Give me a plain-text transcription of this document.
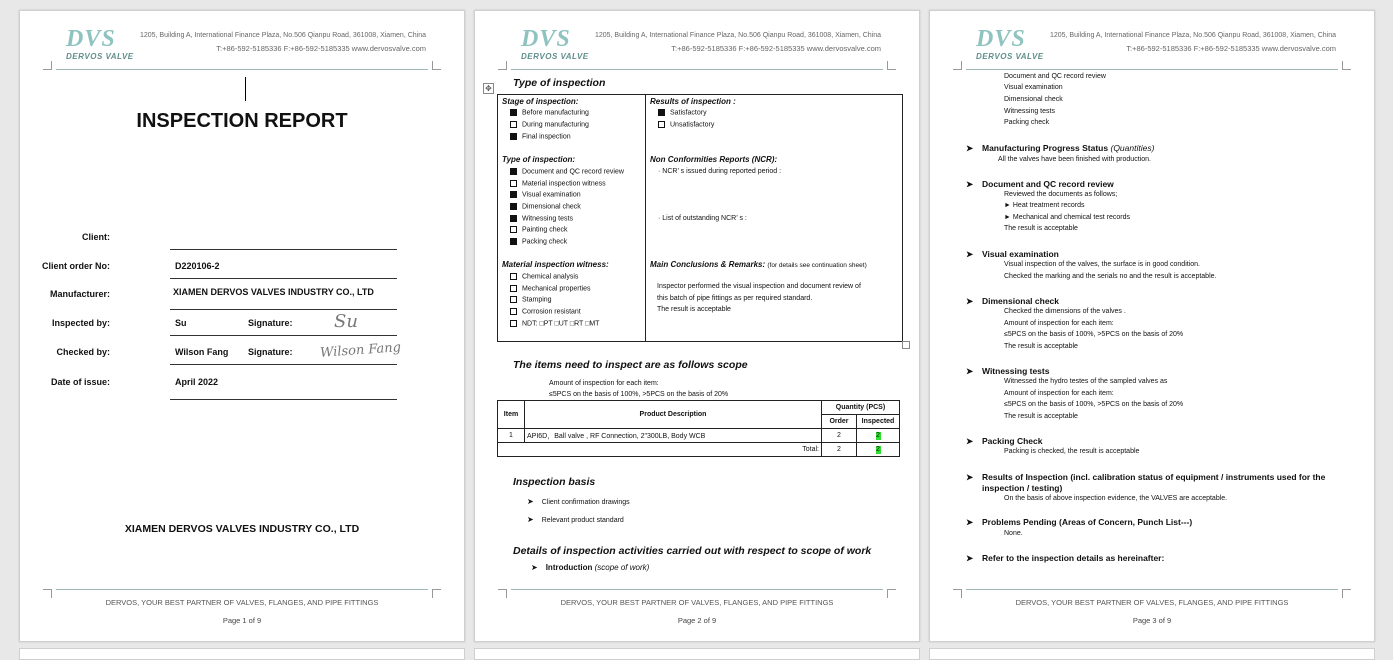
DVS
DERVOS VALVE
1205, Building A, International Finance Plaza, No.506 Qianpu Road, 361008, Xiamen, China
T:+86-592-5185336 F:+86-592-5185335 www.dervosvalve.com
INSPECTION REPORT
Client:
Client order No:	D220106-2
Manufacturer:	XIAMEN DERVOS VALVES INDUSTRY CO., LTD
Inspected by:	Su	Signature: Su
Checked by:	Wilson Fang Signature: Wilson Fang
Date of issue:	April 2022
XIAMEN DERVOS VALVES INDUSTRY CO., LTD
DERVOS, YOUR BEST PARTNER OF VALVES, FLANGES, AND PIPE FITTINGS
Page 1 of 9
DVS
DERVOS VALVE
1205, Building A, International Finance Plaza, No.506 Qianpu Road, 361008, Xiamen, China
T:+86-592-5185336 F:+86-592-5185335 www.dervosvalve.com
✥ Type of inspection
Stage of inspection:
Before manufacturing
During manufacturing
Final inspection
Type of inspection:
Document and QC record review
Material inspection witness
Visual examination
Dimensional check
Witnessing tests
Painting check
Packing check
Material inspection witness:
Chemical analysis
Mechanical properties
Stamping
Corrosion resistant
NDT: □PT □UT □RT □MT
Results of inspection :
Satisfactory
Unsatisfactory
Non Conformities Reports (NCR):
· NCR’ s issued during reported period :
· List of outstanding NCR’ s :
Main Conclusions & Remarks: (for details see continuation sheet)
Inspector performed the visual inspection and document review of
this batch of pipe fittings as per required standard.
The result is acceptable
The items need to inspect are as follows scope
Amount of inspection for each item:
≤5PCS on the basis of 100%, >5PCS on the basis of 20%
Item	Product Description	Quantity (PCS)	
		Order	Inspected
1	API6D，Ball valve , RF Connection, 2"300LB, Body WCB	2	2
Total:		2	2
Inspection basis
➤ Client confirmation drawings
➤ Relevant product standard
Details of inspection activities carried out with respect to scope of work
➤ Introduction (scope of work)
DERVOS, YOUR BEST PARTNER OF VALVES, FLANGES, AND PIPE FITTINGS
Page 2 of 9
DVS
DERVOS VALVE
1205, Building A, International Finance Plaza, No.506 Qianpu Road, 361008, Xiamen, China
T:+86-592-5185336 F:+86-592-5185335 www.dervosvalve.com
Document and QC record review
Visual examination
Dimensional check
Witnessing tests
Packing check
➤ Manufacturing Progress Status (Quantities)
All the valves have been finished with production.
➤ Document and QC record review
Reviewed the documents as follows;
► Heat treatment records
► Mechanical and chemical test records
The result is acceptable
➤ Visual examination
Visual inspection of the valves, the surface is in good condition.
Checked the marking and the serials no and the result is acceptable.
➤ Dimensional check
Checked the dimensions of the valves .
Amount of inspection for each item:
≤5PCS on the basis of 100%, >5PCS on the basis of 20%
The result is acceptable
➤ Witnessing tests
Witnessed the hydro testes of the sampled valves as
Amount of inspection for each item:
≤5PCS on the basis of 100%, >5PCS on the basis of 20%
The result is acceptable
➤ Packing Check
Packing is checked, the result is acceptable
➤ Results of Inspection (incl. calibration status of equipment / instruments used for the inspection / testing)
On the basis of above inspection evidence, the VALVES are acceptable.
➤ Problems Pending (Areas of Concern, Punch List---)
None.
➤ Refer to the inspection details as hereinafter:
DERVOS, YOUR BEST PARTNER OF VALVES, FLANGES, AND PIPE FITTINGS
Page 3 of 9
